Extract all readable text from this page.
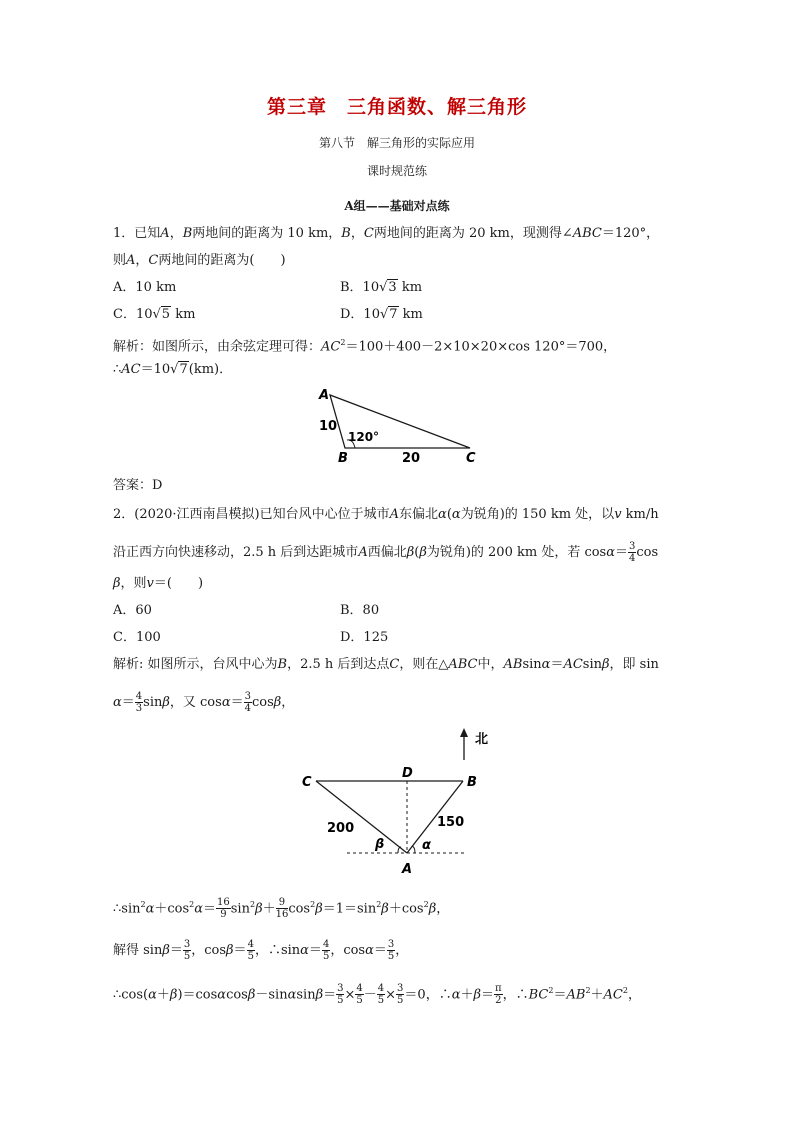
第三章　三角函数、解三角形
第八节　解三角形的实际应用
课时规范练
A组——基础对点练
1．已知A，B两地间的距离为 10 km，B，C两地间的距离为 20 km，现测得∠ABC＝120°，
则A，C两地间的距离为(　　)
A．10 km	B．10√3 km
C．10√5 km	D．10√7 km
解析：如图所示，由余弦定理可得：$AC^2=100+400-2\times 10\times 20\times\cos$ 120°＝700，
∴AC＝10√7(km)．
A
B	C
10
20
120°
答案：D
2．(2020·江西南昌模拟)已知台风中心位于城市A东偏北α(α为锐角)的 150 km 处，以v km/h
沿正西方向快速移动，2.5 h 后到达距城市A西偏北β(β为锐角)的 200 km 处，若 $\cos\alpha= \frac{3}{4}$ cos
β，则v＝(　　)
A．60	B．80
C．100	D．125
解析: 如图所示，台风中心为B，2.5 h 后到达点C，则在△ABC中，ABsinα＝ACsinβ，即 sin
$\alpha= \frac{4}{3}$ sinβ，又 $\cos\alpha= \frac{3}{4}$ cosβ，
北
C
D
B
A
200	150
β	α
$\therefore\sin^2\alpha+\cos^2\alpha= \frac{16}{9} \sin^2\beta+ \frac{9}{16} \cos^2\beta=1=\sin^2\beta+\cos^2\beta$，
解得 $\sin\beta= \frac{3}{5}$ ，$\cos\beta= \frac{4}{5}$ ，∴sinα＝ $\frac{4}{5}$ ，$\cos\alpha= \frac{3}{5}$ ，
∴cos(α＋β)＝cosαcosβ－sinαsinβ＝ $\frac{3}{5} \times \frac{4}{5} - \frac{4}{5} \times \frac{3}{5} =0$，∴α＋β＝ $\frac{\pi}{2}$ ，$\therefore BC^2=AB^2+AC^2$，
